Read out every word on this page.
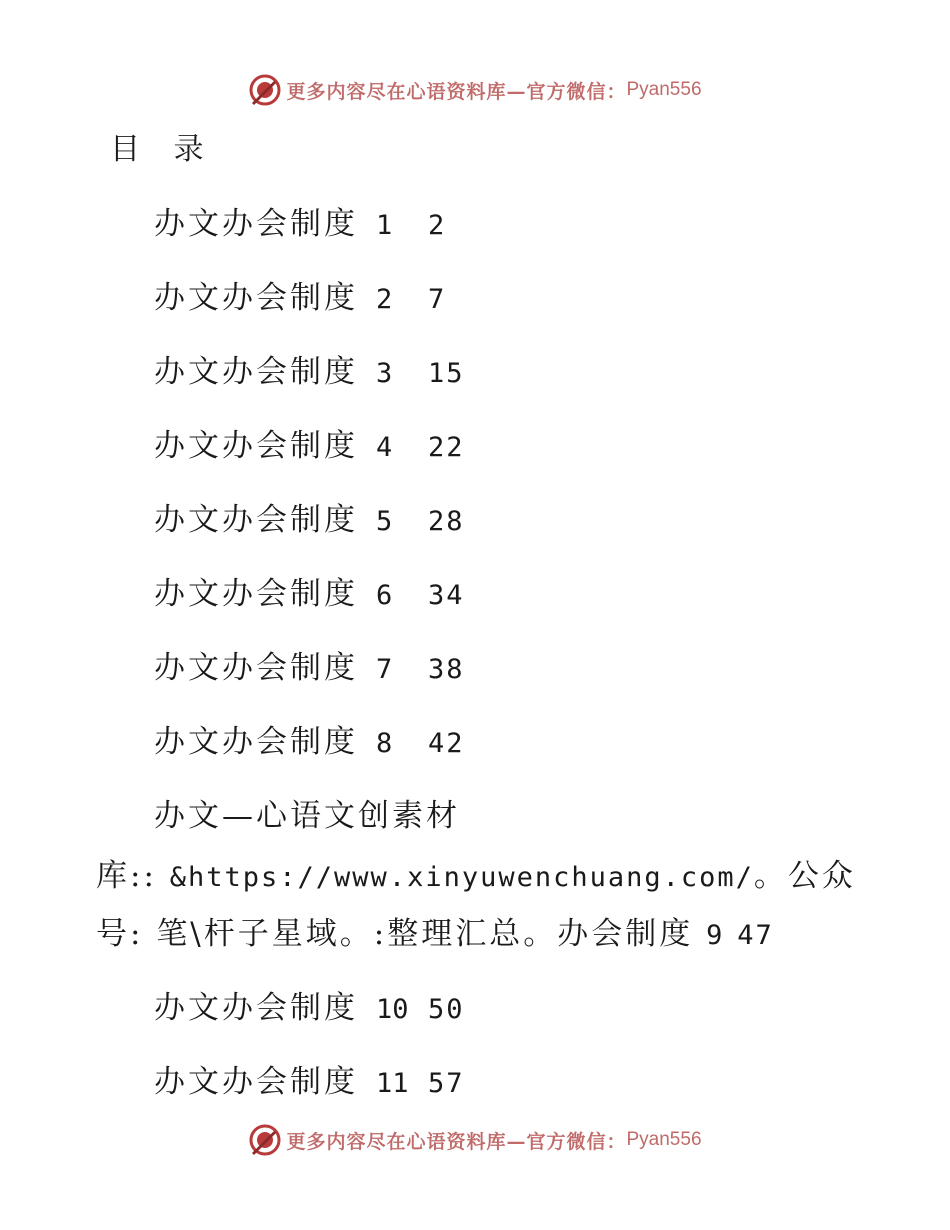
更多内容尽在心语资料库—官方微信： Pyan556
目 录
办文办会制度 1 2
办文办会制度 2 7
办文办会制度 3 15
办文办会制度 4 22
办文办会制度 5 28
办文办会制度 6 34
办文办会制度 7 38
办文办会制度 8 42
办文—心语文创素材
库:: &https://www.xinyuwenchuang.com/。公众
号: 笔\杆子星域。:整理汇总。办会制度 9 47
办文办会制度 10 50
办文办会制度 11 57
更多内容尽在心语资料库—官方微信： Pyan556
